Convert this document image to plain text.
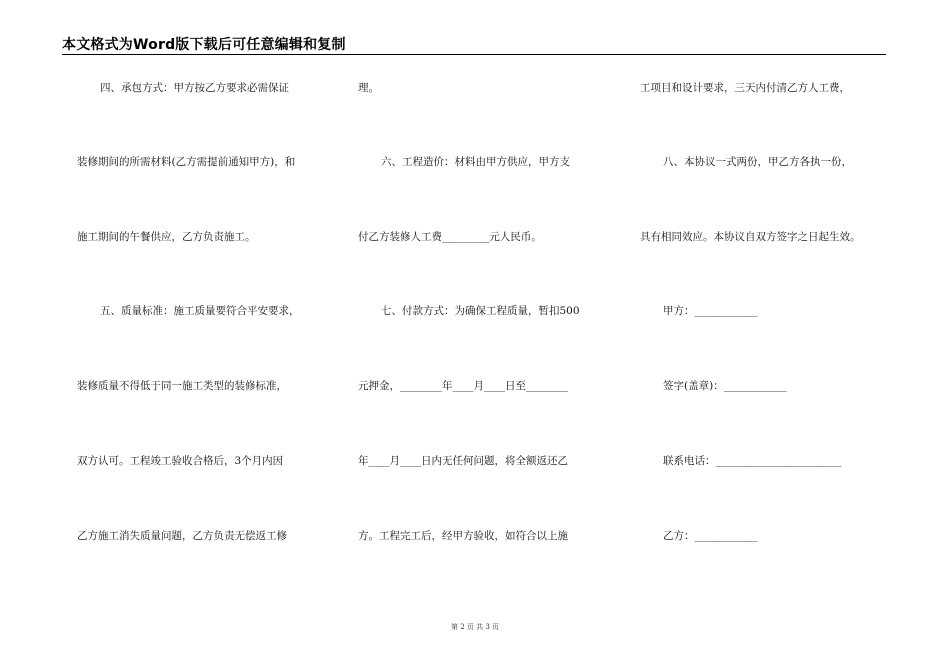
本文格式为Word版下载后可任意编辑和复制
四、承包方式：甲方按乙方要求必需保证
装修期间的所需材料(乙方需提前通知甲方)，和
施工期间的午餐供应，乙方负责施工。
五、质量标准：施工质量要符合平安要求，
装修质量不得低于同一施工类型的装修标准，
双方认可。工程竣工验收合格后，3个月内因
乙方施工消失质量问题，乙方负责无偿返工修
理。
六、工程造价：材料由甲方供应，甲方支
付乙方装修人工费_________元人民币。
七、付款方式：为确保工程质量，暂扣500
元押金，________年____月____日至________
年____月____日内无任何问题，将全额返还乙
方。工程完工后，经甲方验收，如符合以上施
工项目和设计要求，三天内付清乙方人工费，
八、本协议一式两份，甲乙方各执一份，
具有相同效应。本协议自双方签字之日起生效。
甲方：____________
签字(盖章)：____________
联系电话：________________________
乙方：____________
第 2 页 共 3 页
